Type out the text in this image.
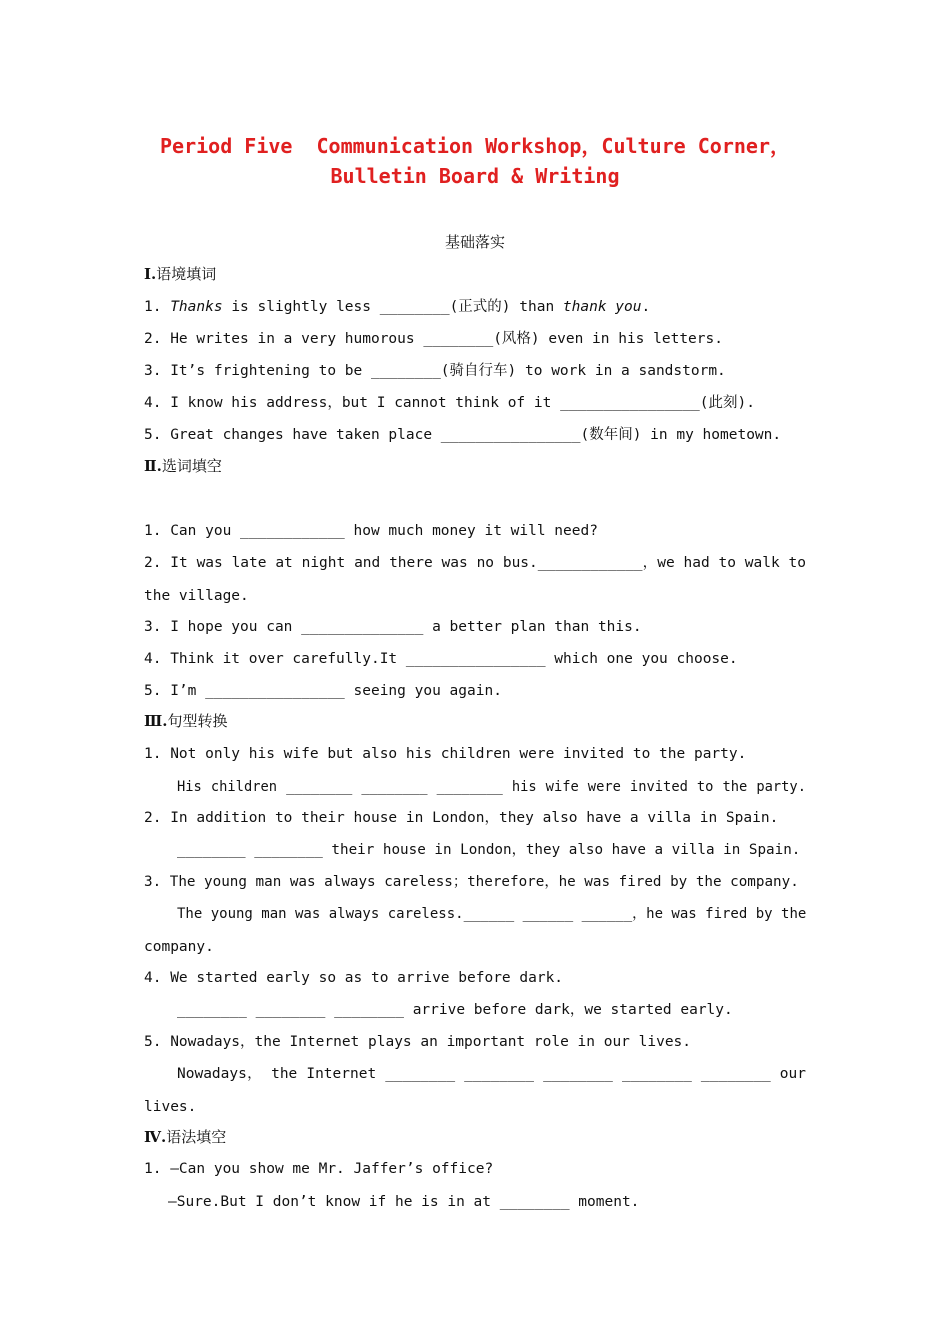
Period Five  Communication Workshop，Culture Corner，
Bulletin Board & Writing
基础落实
Ⅰ.语境填词
1. Thanks is slightly less ________(正式的) than thank you.
2. He writes in a very humorous ________(风格) even in his letters.
3. It’s frightening to be ________(骑自行车) to work in a sandstorm.
4. I know his address，but I cannot think of it ________________(此刻).
5. Great changes have taken place ________________(数年间) in my hometown.
Ⅱ.选词填空
1. Can you ____________ how much money it will need?
2. It was late at night and there was no bus.____________，we had to walk to
the village.
3. I hope you can ______________ a better plan than this.
4. Think it over carefully.It ________________ which one you choose.
5. I’m ________________ seeing you again.
Ⅲ.句型转换
1. Not only his wife but also his children were invited to the party.
His children ________ ________ ________ his wife were invited to the party.
2. In addition to their house in London，they also have a villa in Spain.
________ ________ their house in London，they also have a villa in Spain.
3. The young man was always careless；therefore，he was fired by the company.
The young man was always careless.______ ______ ______，he was fired by the
company.
4. We started early so as to arrive before dark.
________ ________ ________ arrive before dark，we started early.
5. Nowadays，the Internet plays an important role in our lives.
Nowadays， the Internet ________ ________ ________ ________ ________ our
lives.
Ⅳ.语法填空
1. —Can you show me Mr. Jaffer’s office?
—Sure.But I don’t know if he is in at ________ moment.
